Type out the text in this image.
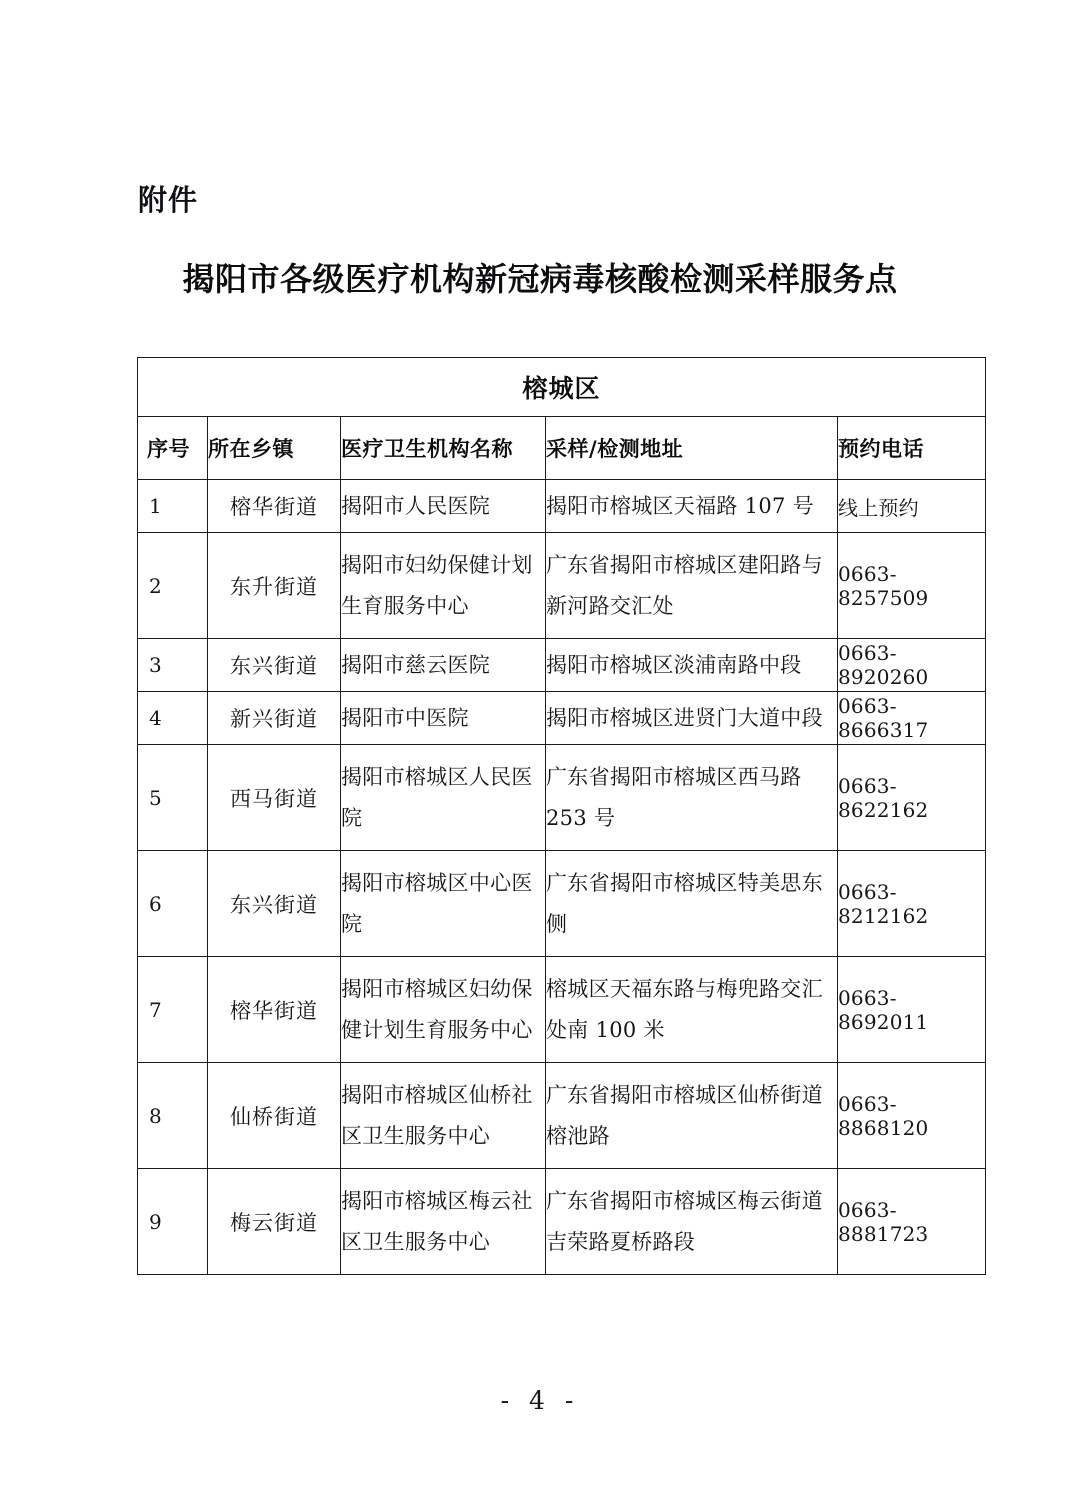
附件
揭阳市各级医疗机构新冠病毒核酸检测采样服务点
榕城区				
序号	所在乡镇	医疗卫生机构名称	采样/检测地址	预约电话
1	榕华街道	揭阳市人民医院	揭阳市榕城区天福路 107 号	线上预约
2	东升街道	揭阳市妇幼保健计划生育服务中心	广东省揭阳市榕城区建阳路与新河路交汇处	0663-8257509
3	东兴街道	揭阳市慈云医院	揭阳市榕城区淡浦南路中段	0663-8920260
4	新兴街道	揭阳市中医院	揭阳市榕城区进贤门大道中段	0663-8666317
5	西马街道	揭阳市榕城区人民医院	广东省揭阳市榕城区西马路 253 号	0663-8622162
6	东兴街道	揭阳市榕城区中心医院	广东省揭阳市榕城区特美思东侧	0663-8212162
7	榕华街道	揭阳市榕城区妇幼保健计划生育服务中心	榕城区天福东路与梅兜路交汇处南 100 米	0663-8692011
8	仙桥街道	揭阳市榕城区仙桥社区卫生服务中心	广东省揭阳市榕城区仙桥街道榕池路	0663-8868120
9	梅云街道	揭阳市榕城区梅云社区卫生服务中心	广东省揭阳市榕城区梅云街道吉荣路夏桥路段	0663-8881723
- 4 -
